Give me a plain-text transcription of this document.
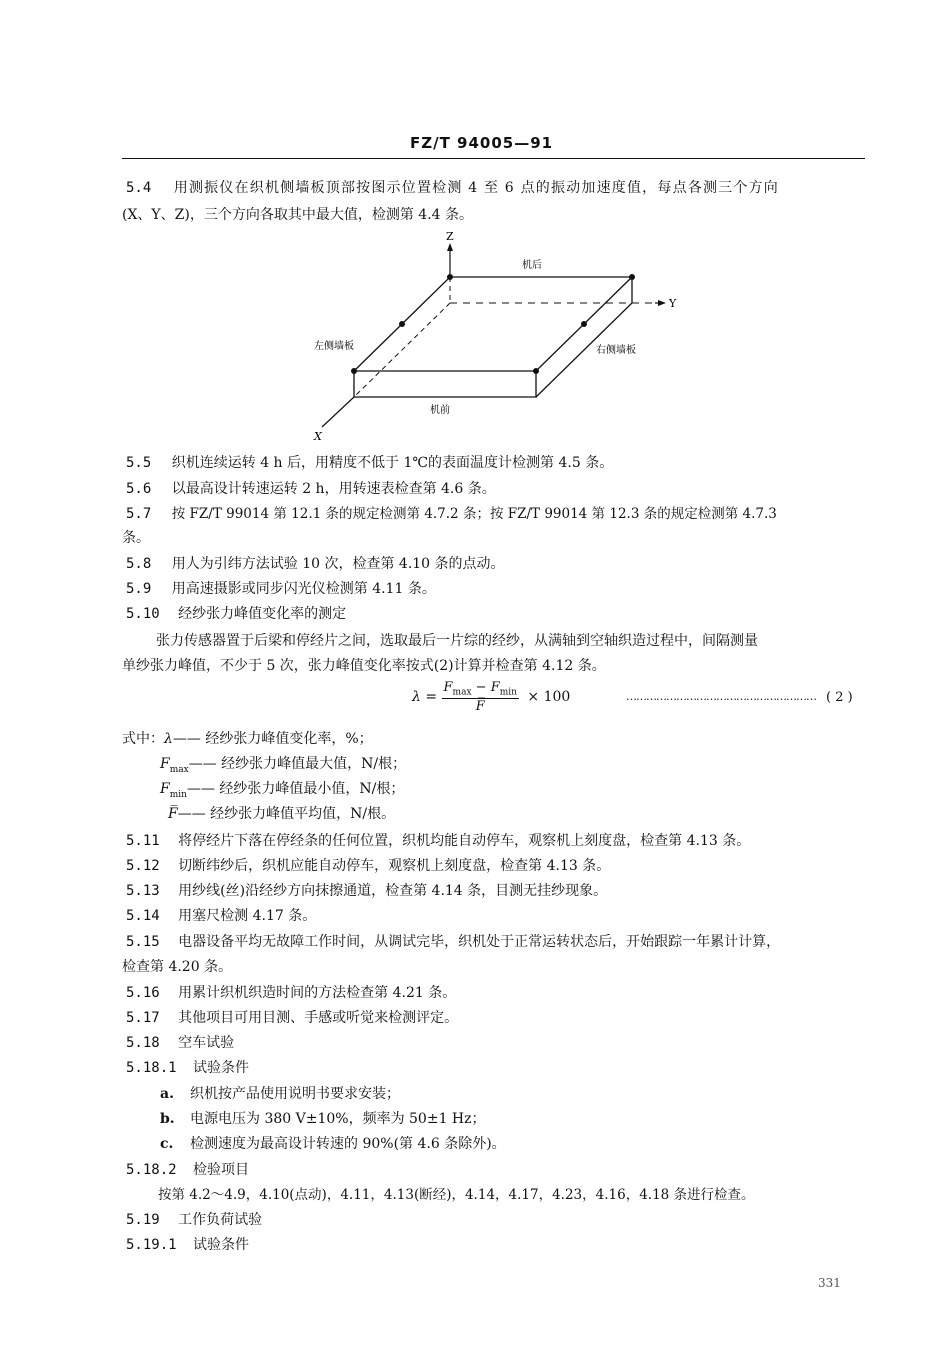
FZ/T 94005—91
5.4 用测振仪在织机侧墙板顶部按图示位置检测 4 至 6 点的振动加速度值，每点各测三个方向
(X、Y、Z)，三个方向各取其中最大值，检测第 4.4 条。
Z
Y
X
机后
左侧墙板	右侧墙板
机前
5.5 织机连续运转 4 h 后，用精度不低于 1℃的表面温度计检测第 4.5 条。
5.6 以最高设计转速运转 2 h，用转速表检查第 4.6 条。
5.7 按 FZ/T 99014 第 12.1 条的规定检测第 4.7.2 条；按 FZ/T 99014 第 12.3 条的规定检测第 4.7.3
条。
5.8 用人为引纬方法试验 10 次，检查第 4.10 条的点动。
5.9 用高速摄影或同步闪光仪检测第 4.11 条。
5.10 经纱张力峰值变化率的测定
张力传感器置于后梁和停经片之间，选取最后一片综的经纱，从满轴到空轴织造过程中，间隔测量
单纱张力峰值，不少于 5 次，张力峰值变化率按式(2)计算并检查第 4.12 条。
$\lambda = \frac{F_{max} - F_{min}}{F̅} \times 100$	………………………………………………… ( 2 )
式中：λ—— 经纱张力峰值变化率，%；
$F_{max}——$ 经纱张力峰值最大值，N/根；
$F_{min}——$ 经纱张力峰值最小值，N/根；
F̅—— 经纱张力峰值平均值，N/根。
5.11 将停经片下落在停经条的任何位置，织机均能自动停车，观察机上刻度盘，检查第 4.13 条。
5.12 切断纬纱后，织机应能自动停车，观察机上刻度盘，检查第 4.13 条。
5.13 用纱线(丝)沿经纱方向抹擦通道，检查第 4.14 条，目测无挂纱现象。
5.14 用塞尺检测 4.17 条。
5.15 电器设备平均无故障工作时间，从调试完毕，织机处于正常运转状态后，开始跟踪一年累计计算，
检查第 4.20 条。
5.16 用累计织机织造时间的方法检查第 4.21 条。
5.17 其他项目可用目测、手感或听觉来检测评定。
5.18 空车试验
5.18.1 试验条件
a. 织机按产品使用说明书要求安装；
b. 电源电压为 380 V±10%，频率为 50±1 Hz；
c. 检测速度为最高设计转速的 90%(第 4.6 条除外)。
5.18.2 检验项目
按第 4.2～4.9，4.10(点动)，4.11，4.13(断经)，4.14，4.17，4.23，4.16，4.18 条进行检查。
5.19 工作负荷试验
5.19.1 试验条件
331
